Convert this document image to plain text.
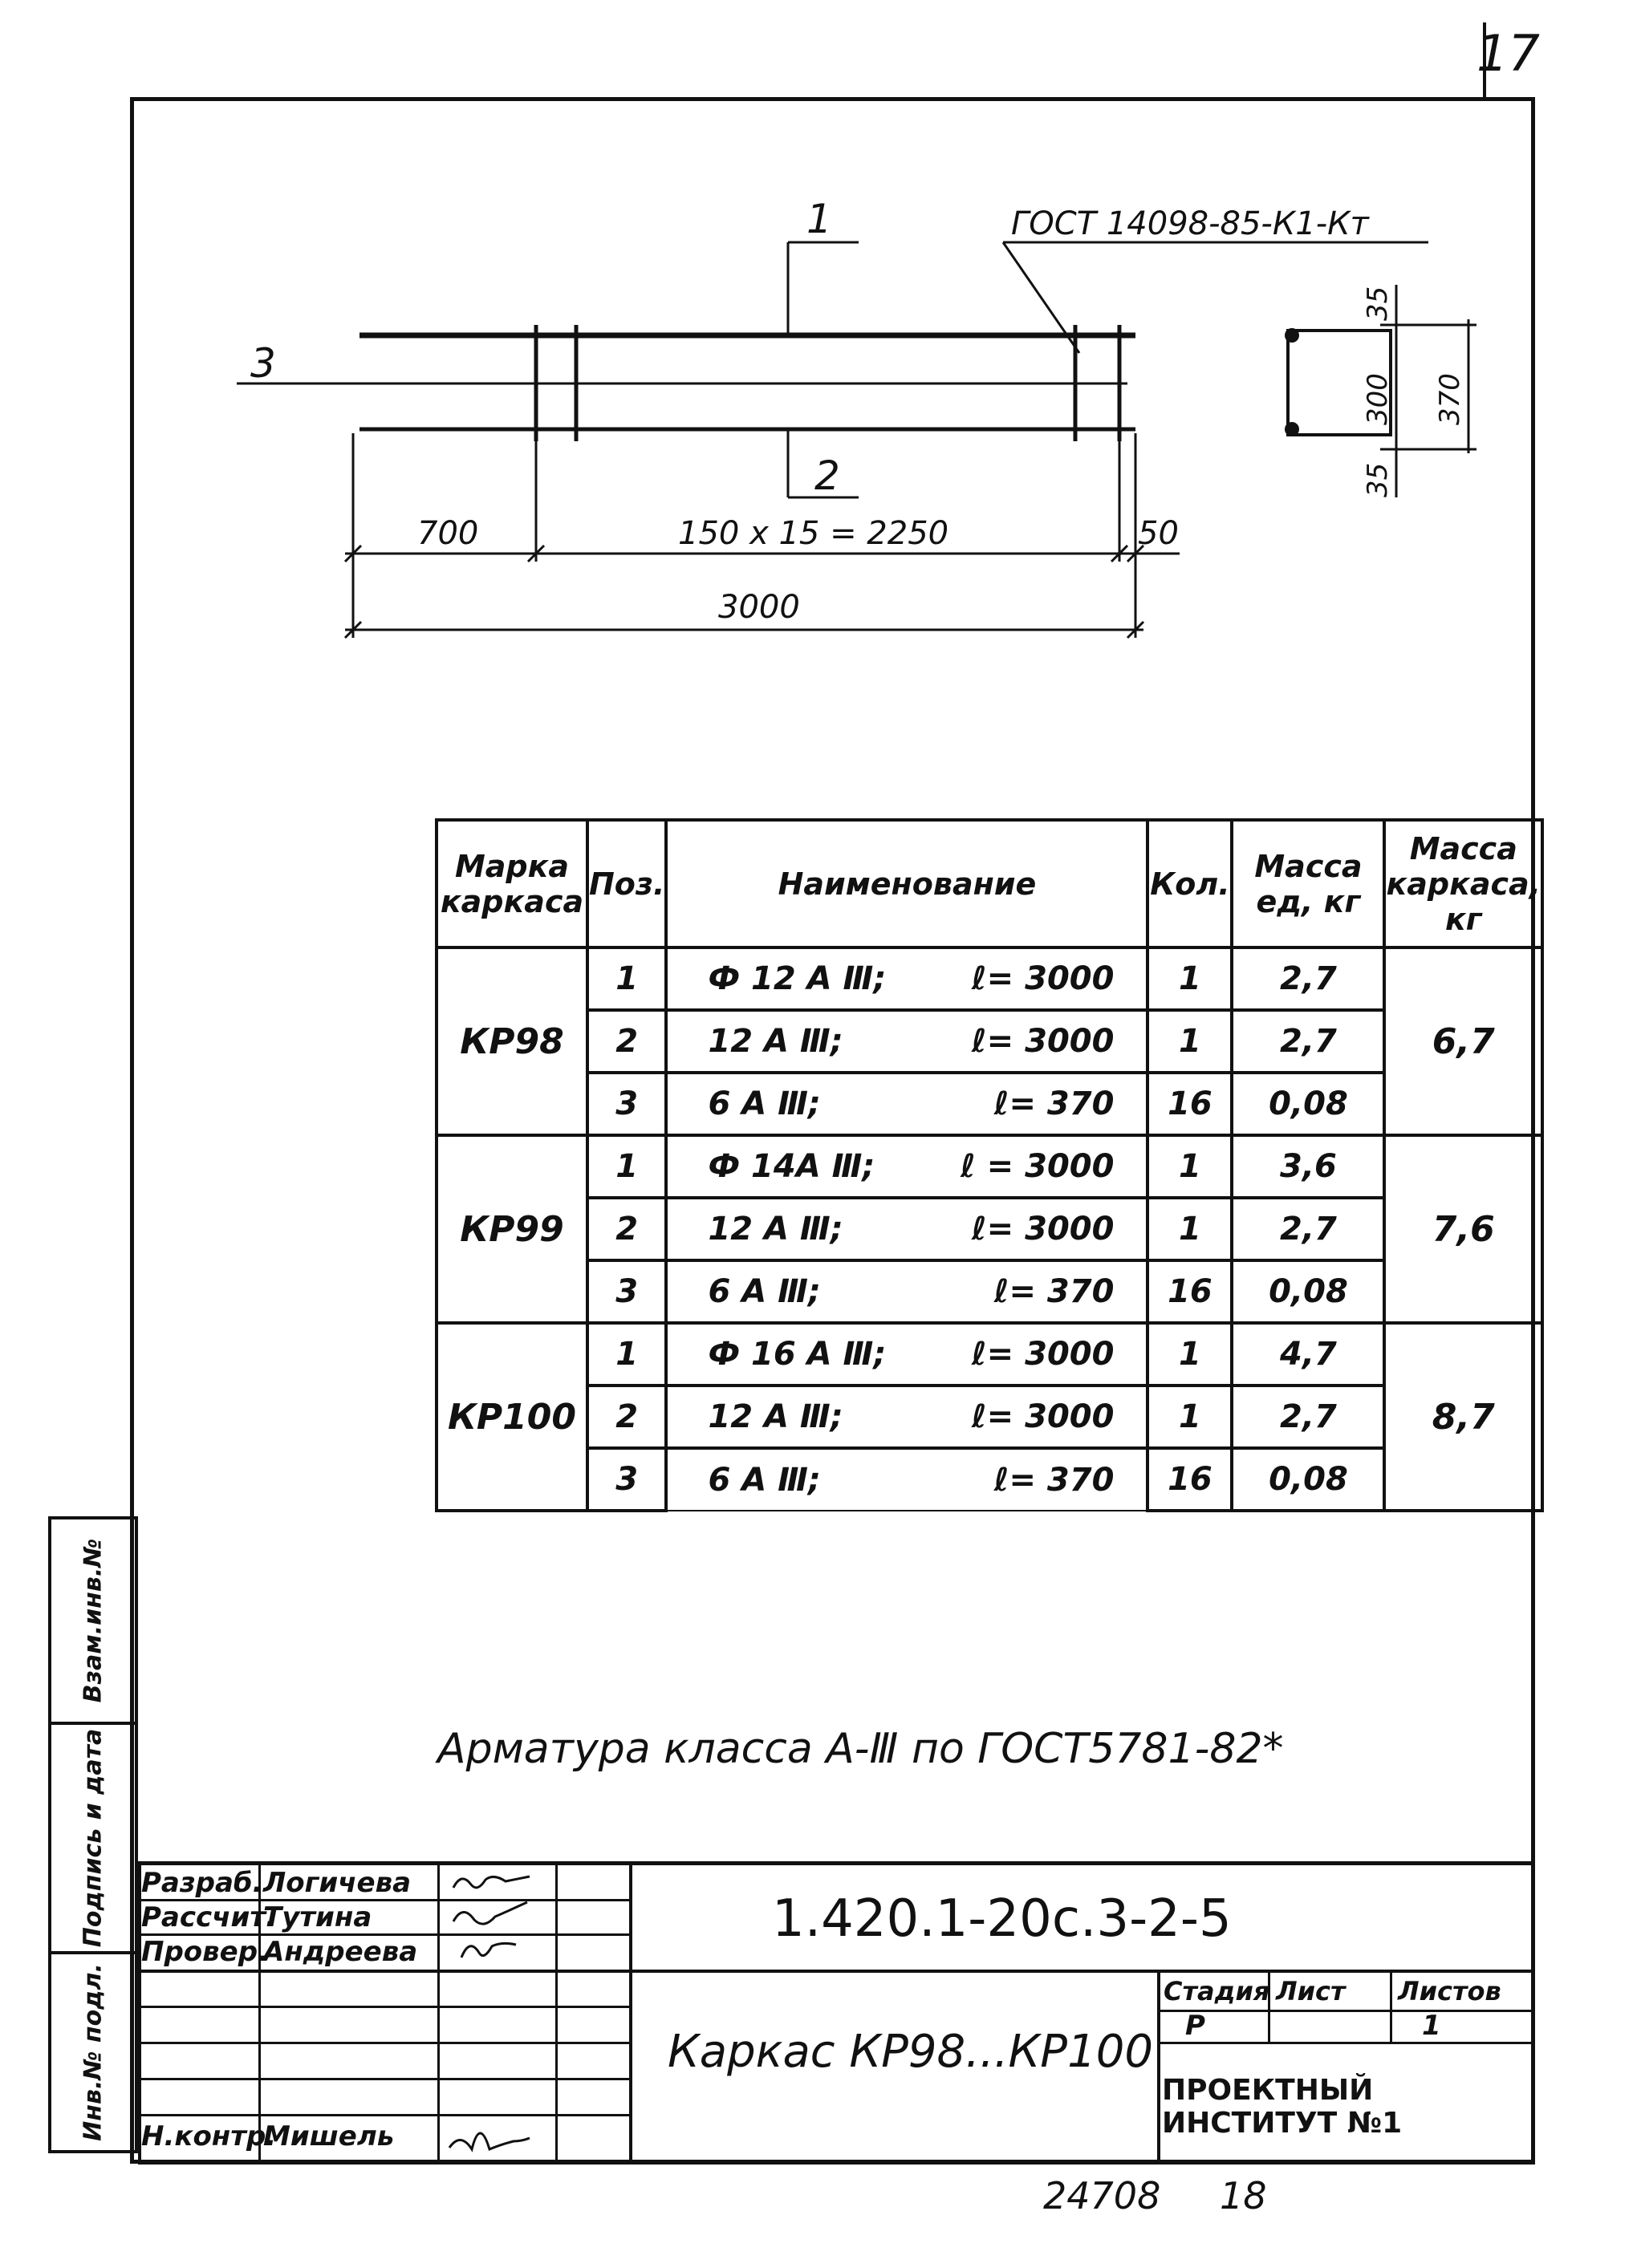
17
1
2
3
ГОСТ 14098-85-К1-Кт
700	150 x 15 = 2250	50
3000
35
300 370
35
Марка каркаса	Поз.	Наименование	Кол.	Масса ед, кг	Масса каркаса, кг
КР98	1	Ф 12 А Ⅲ; ℓ= 3000	1	2,7	6,7
	2	12 А Ⅲ; ℓ= 3000	1	2,7	
	3	6 А Ⅲ; ℓ= 370	16	0,08	
КР99	1	Ф 14А Ⅲ; ℓ = 3000	1	3,6	7,6
	2	12 А Ⅲ; ℓ= 3000	1	2,7	
	3	6 А Ⅲ; ℓ= 370	16	0,08	
КР100	1	Ф 16 А Ⅲ; ℓ= 3000	1	4,7	8,7
	2	12 А Ⅲ; ℓ= 3000	1	2,7	
	3	6 А Ⅲ; ℓ= 370	16	0,08	
Арматура класса А-Ⅲ по ГОСТ5781-82*
Взам.инв.№
Подпись и дата
Инв.№ подл.
Разраб. Логичева
Рассчит.
Тутина
Провер.
Андреева
Н.контр.
Мишель
1.420.1-20с.3-2-5
Каркас КР98...КР100
Стадия Лист Листов
Р	1
ПРОЕКТНЫЙ ИНСТИТУТ №1
24708 18
